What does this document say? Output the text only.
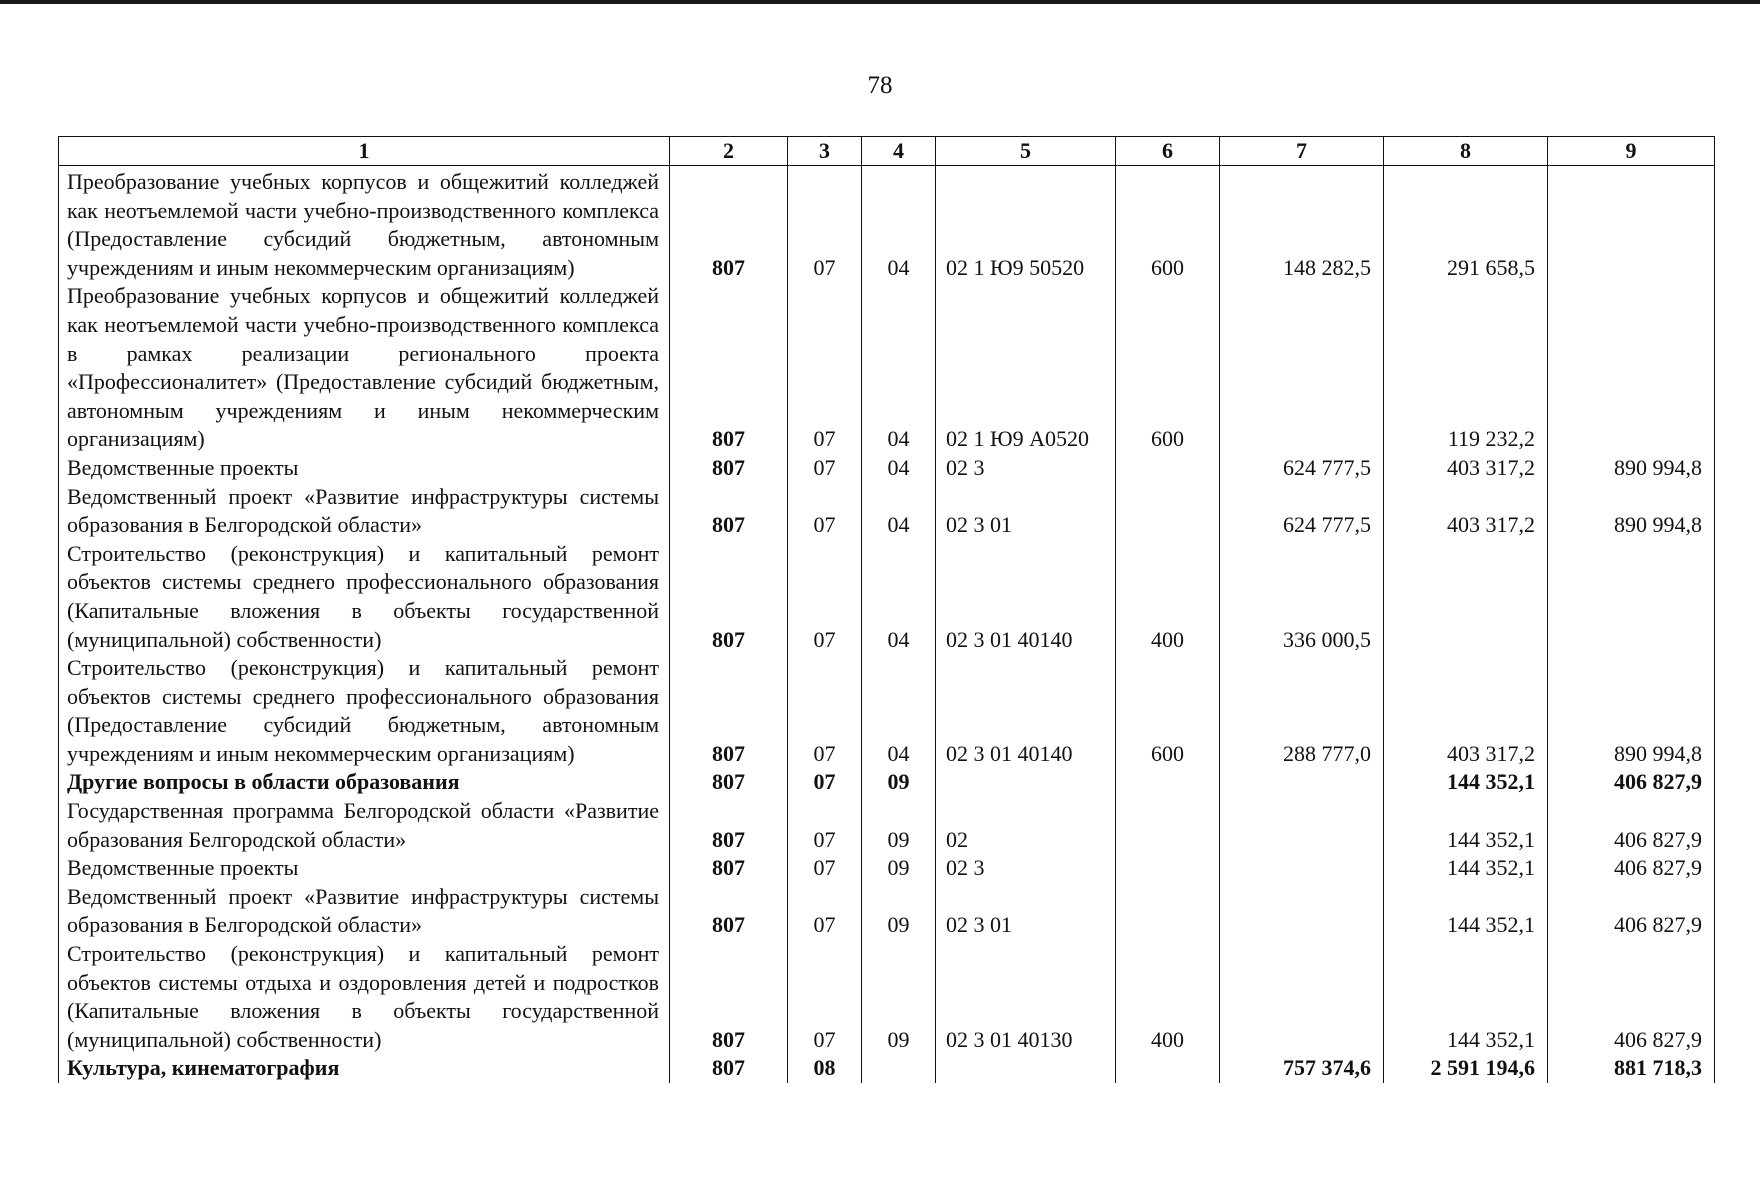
78
1	2	3	4	5	6	7	8	9
Преобразование учебных корпусов и общежитий колледжей как неотъемлемой части учебно-производственного комплекса (Предоставление субсидий бюджетным, автономным учреждениям и иным некоммерческим организациям)	807	07	04	02 1 Ю9 50520	600	148 282,5	291 658,5	
Преобразование учебных корпусов и общежитий колледжей как неотъемлемой части учебно-производственного комплекса в рамках реализации регионального проекта «Профессионалитет» (Предоставление субсидий бюджетным, автономным учреждениям и иным некоммерческим организациям)	807	07	04	02 1 Ю9 А0520	600		119 232,2	
Ведомственные проекты	807	07	04	02 3		624 777,5	403 317,2	890 994,8
Ведомственный проект «Развитие инфраструктуры системы образования в Белгородской области»	807	07	04	02 3 01		624 777,5	403 317,2	890 994,8
Строительство (реконструкция) и капитальный ремонт объектов системы среднего профессионального образования (Капитальные вложения в объекты государственной (муниципальной) собственности)	807	07	04	02 3 01 40140	400	336 000,5		
Строительство (реконструкция) и капитальный ремонт объектов системы среднего профессионального образования (Предоставление субсидий бюджетным, автономным учреждениям и иным некоммерческим организациям)	807	07	04	02 3 01 40140	600	288 777,0	403 317,2	890 994,8
Другие вопросы в области образования	807	07	09				144 352,1	406 827,9
Государственная программа Белгородской области «Развитие образования Белгородской области»	807	07	09	02			144 352,1	406 827,9
Ведомственные проекты	807	07	09	02 3			144 352,1	406 827,9
Ведомственный проект «Развитие инфраструктуры системы образования в Белгородской области»	807	07	09	02 3 01			144 352,1	406 827,9
Строительство (реконструкция) и капитальный ремонт объектов системы отдыха и оздоровления детей и подростков (Капитальные вложения в объекты государственной (муниципальной) собственности)	807	07	09	02 3 01 40130	400		144 352,1	406 827,9
Культура, кинематография	807	08				757 374,6	2 591 194,6	881 718,3
